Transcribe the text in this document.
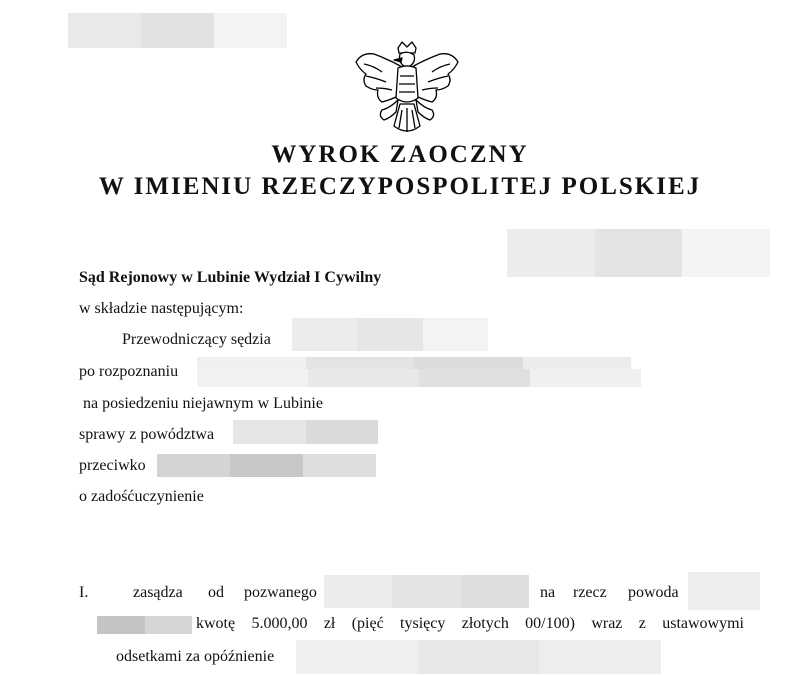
WYROK ZAOCZNY
W IMIENIU RZECZYPOSPOLITEJ POLSKIEJ
Sąd Rejonowy w Lubinie Wydział I Cywilny
w składzie następującym:
Przewodniczący sędzia
po rozpoznaniu
na posiedzeniu niejawnym w Lubinie
sprawy z powództwa
przeciwko
o zadośćuczynienie
I.	zasądza od pozwanego	na rzecz powoda
kwotę 5.000,00 zł (pięć tysięcy złotych 00/100) wraz z ustawowymi
odsetkami za opóźnienie
